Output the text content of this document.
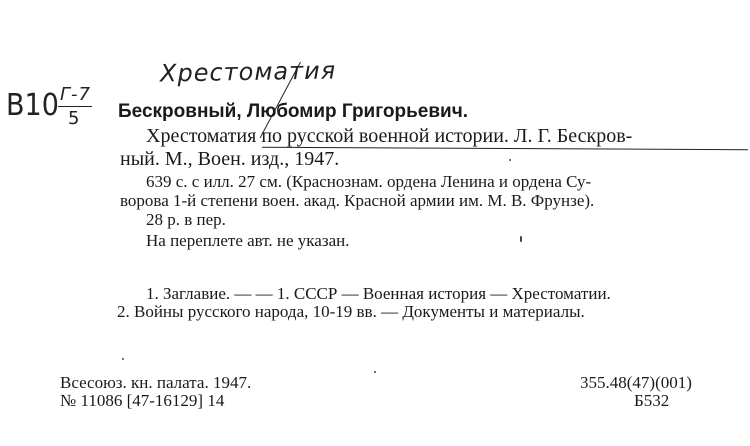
Хрестоматия
В10 Г-7
5 Бескровный, Любомир Григорьевич.
Хрестоматия по русской военной истории. Л. Г. Бескров-
ный. М., Воен. изд., 1947.
639 с. с илл. 27 см. (Краснознам. ордена Ленина и ордена Су-
ворова 1-й степени воен. акад. Красной армии им. М. В. Фрунзе).
28 р. в пер.
На переплете авт. не указан.
1. Заглавие. — — 1. СССР — Военная история — Хрестоматии.
2. Войны русского народа, 10-19 вв. — Документы и материалы.
Всесоюз. кн. палата. 1947.
№ 11086 [47-16129] 14
355.48(47)(001)
Б532
